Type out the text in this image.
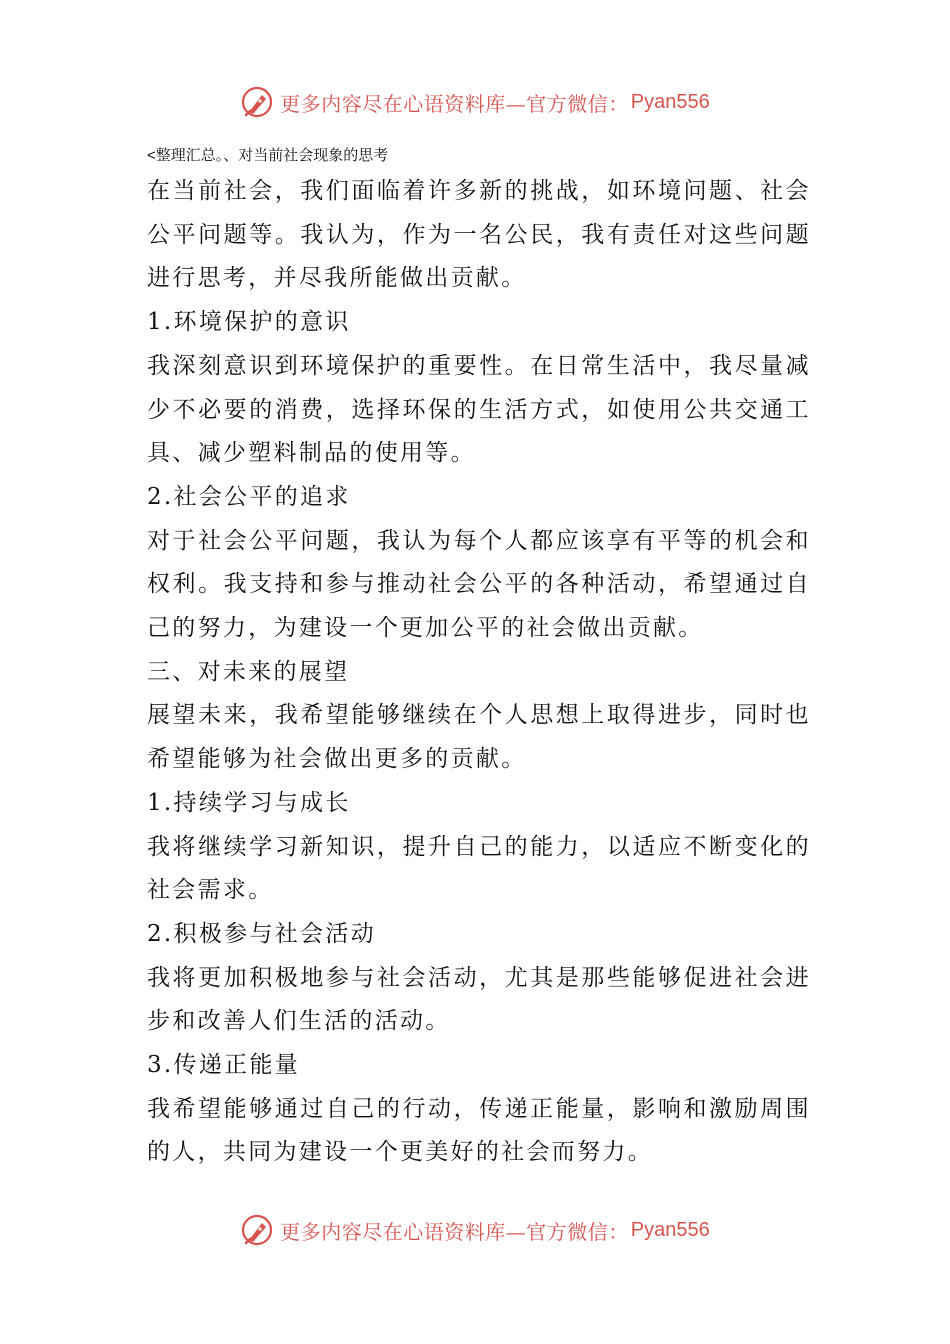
更多内容尽在心语资料库—官方微信： Pyan556
<整理汇总。、对当前社会现象的思考

在当前社会，我们面临着许多新的挑战，如环境问题、社会公平问题等。我认为，作为一名公民，我有责任对这些问题进行思考，并尽我所能做出贡献。

1.环境保护的意识

我深刻意识到环境保护的重要性。在日常生活中，我尽量减少不必要的消费，选择环保的生活方式，如使用公共交通工具、减少塑料制品的使用等。

2.社会公平的追求

对于社会公平问题，我认为每个人都应该享有平等的机会和权利。我支持和参与推动社会公平的各种活动，希望通过自己的努力，为建设一个更加公平的社会做出贡献。

三、对未来的展望

展望未来，我希望能够继续在个人思想上取得进步，同时也希望能够为社会做出更多的贡献。

1.持续学习与成长

我将继续学习新知识，提升自己的能力，以适应不断变化的社会需求。

2.积极参与社会活动

我将更加积极地参与社会活动，尤其是那些能够促进社会进步和改善人们生活的活动。

3.传递正能量

我希望能够通过自己的行动，传递正能量，影响和激励周围的人，共同为建设一个更美好的社会而努力。

更多内容尽在心语资料库—官方微信： Pyan556
